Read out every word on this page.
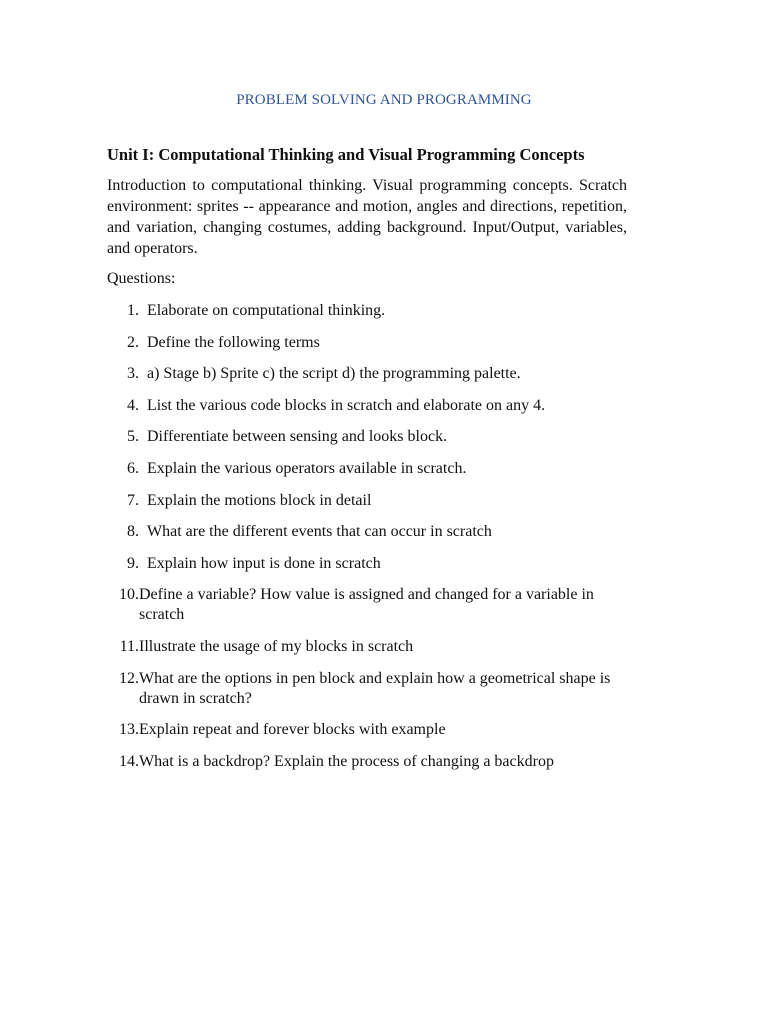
PROBLEM SOLVING AND PROGRAMMING
Unit I: Computational Thinking and Visual Programming Concepts
Introduction to computational thinking. Visual programming concepts. Scratch environment: sprites -- appearance and motion, angles and directions, repetition, and variation, changing costumes, adding background. Input/Output, variables, and operators.
Questions:
1. Elaborate on computational thinking.
2. Define the following terms
3. a) Stage b) Sprite c) the script d) the programming palette.
4. List the various code blocks in scratch and elaborate on any 4.
5. Differentiate between sensing and looks block.
6. Explain the various operators available in scratch.
7. Explain the motions block in detail
8. What are the different events that can occur in scratch
9. Explain how input is done in scratch
10. Define a variable? How value is assigned and changed for a variable in scratch
11. Illustrate the usage of my blocks in scratch
12. What are the options in pen block and explain how a geometrical shape is drawn in scratch?
13. Explain repeat and forever blocks with example
14. What is a backdrop? Explain the process of changing a backdrop
